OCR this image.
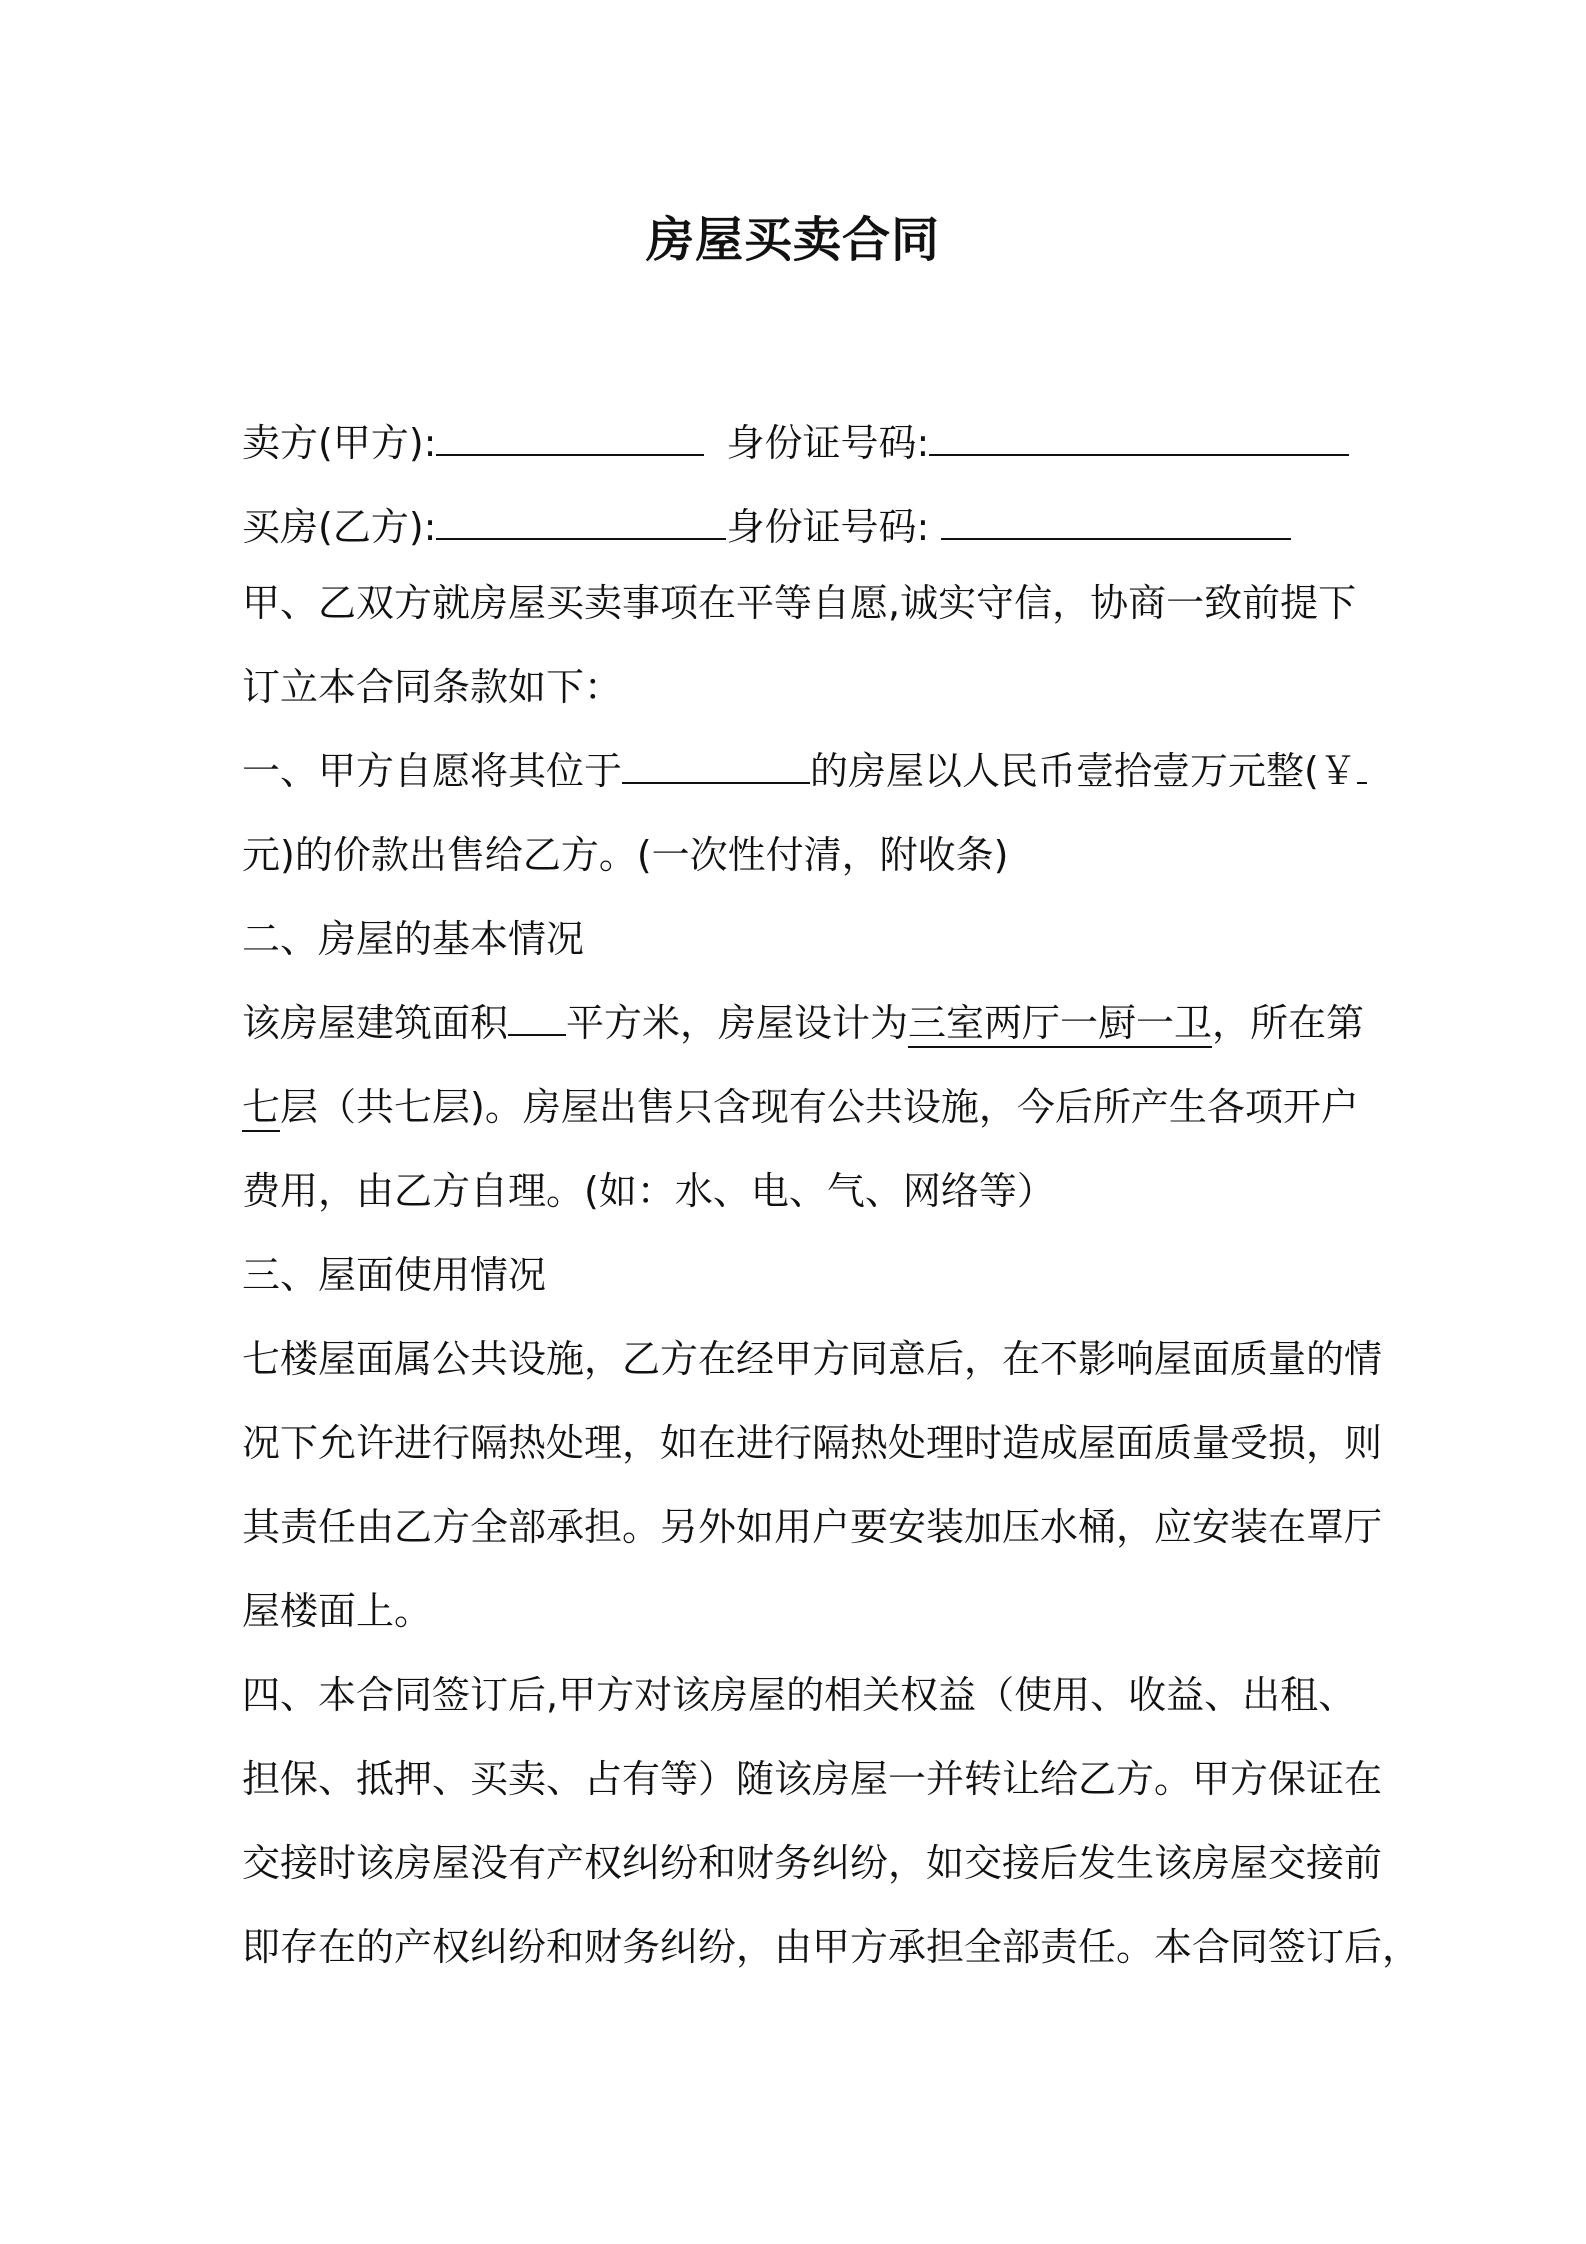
房屋买卖合同
卖方(甲方):	身份证号码:
买房(乙方):	身份证号码:
甲、乙双方就房屋买卖事项在平等自愿,诚实守信，协商一致前提下
订立本合同条款如下：
一、甲方自愿将其位于	的房屋以人民币壹拾壹万元整(￥
元)的价款出售给乙方。(一次性付清，附收条)
二、房屋的基本情况
该房屋建筑面积 平方米，房屋设计为三室两厅一厨一卫，所在第
七层（共七层)。房屋出售只含现有公共设施，今后所产生各项开户
费用，由乙方自理。(如：水、电、气、网络等）
三、屋面使用情况
七楼屋面属公共设施，乙方在经甲方同意后，在不影响屋面质量的情
况下允许进行隔热处理，如在进行隔热处理时造成屋面质量受损，则
其责任由乙方全部承担。另外如用户要安装加压水桶，应安装在罩厅
屋楼面上。
四、本合同签订后,甲方对该房屋的相关权益（使用、收益、出租、
担保、抵押、买卖、占有等）随该房屋一并转让给乙方。甲方保证在
交接时该房屋没有产权纠纷和财务纠纷，如交接后发生该房屋交接前
即存在的产权纠纷和财务纠纷，由甲方承担全部责任。本合同签订后，
